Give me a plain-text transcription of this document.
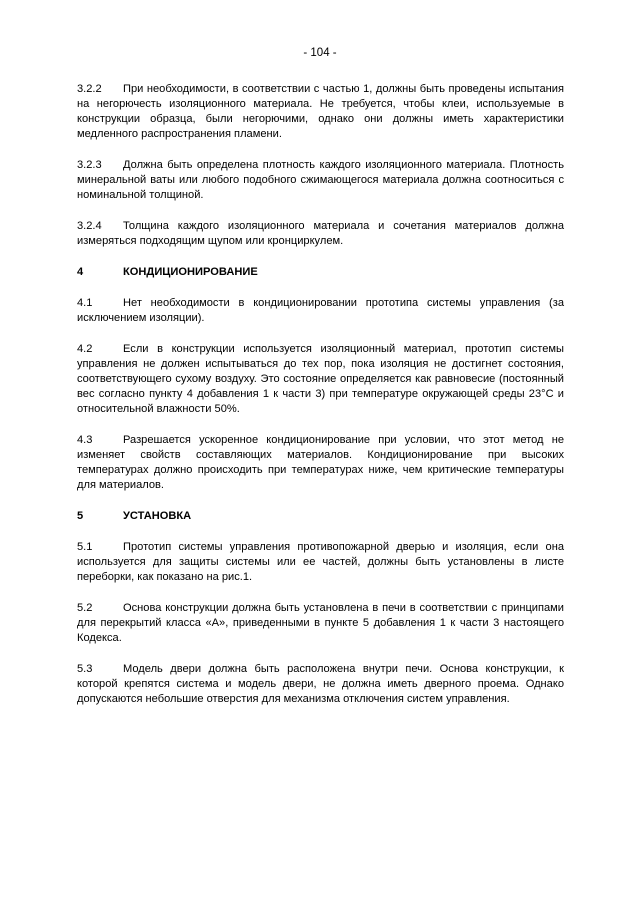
- 104 -

3.2.2 При необходимости, в соответствии с частью 1, должны быть проведены испытания на негорючесть изоляционного материала. Не требуется, чтобы клеи, используемые в конструкции образца, были негорючими, однако они должны иметь характеристики медленного распространения пламени.

3.2.3 Должна быть определена плотность каждого изоляционного материала. Плотность минеральной ваты или любого подобного сжимающегося материала должна соотноситься с номинальной толщиной.

3.2.4 Толщина каждого изоляционного материала и сочетания материалов должна измеряться подходящим щупом или кронциркулем.

4	КОНДИЦИОНИРОВАНИЕ

4.1	Нет необходимости в кондиционировании прототипа системы управления (за исключением изоляции).

4.2	Если в конструкции используется изоляционный материал, прототип системы управления не должен испытываться до тех пор, пока изоляция не достигнет состояния, соответствующего сухому воздуху. Это состояние определяется как равновесие (постоянный вес согласно пункту 4 добавления 1 к части 3) при температуре окружающей среды 23°C и относительной влажности 50%.

4.3	Разрешается ускоренное кондиционирование при условии, что этот метод не изменяет свойств составляющих материалов. Кондиционирование при высоких температурах должно происходить при температурах ниже, чем критические температуры для материалов.

5	УСТАНОВКА

5.1	Прототип системы управления противопожарной дверью и изоляция, если она используется для защиты системы или ее частей, должны быть установлены в листе переборки, как показано на рис.1.

5.2	Основа конструкции должна быть установлена в печи в соответствии с принципами для перекрытий класса «А», приведенными в пункте 5 добавления 1 к части 3 настоящего Кодекса.

5.3	Модель двери должна быть расположена внутри печи. Основа конструкции, к которой крепятся система и модель двери, не должна иметь дверного проема. Однако допускаются небольшие отверстия для механизма отключения систем управления.
